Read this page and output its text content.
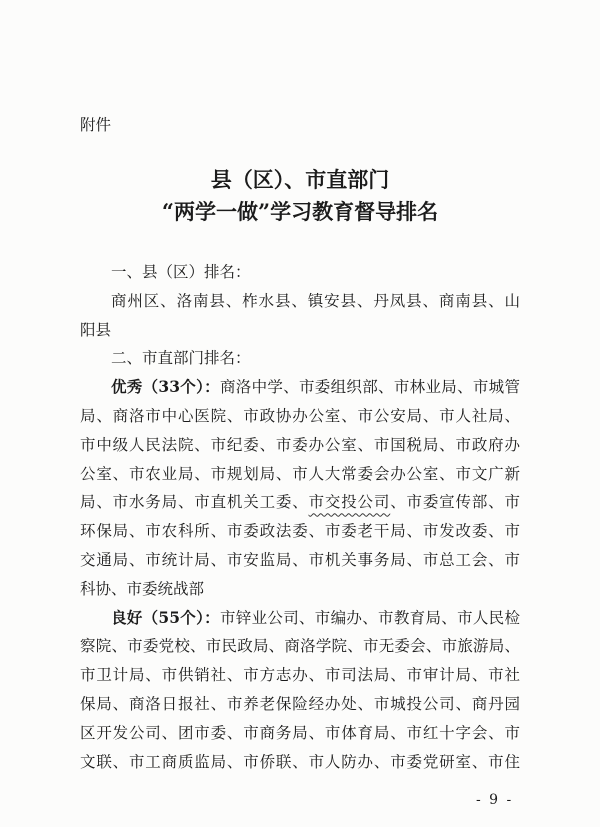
附件
县（区）、市直部门
“两学一做”学习教育督导排名
一、县（区）排名：
商州区、洛南县、柞水县、镇安县、丹凤县、商南县、山
阳县
二、市直部门排名：
优秀（33个）：商洛中学、市委组织部、市林业局、市城管
局、商洛市中心医院、市政协办公室、市公安局、市人社局、
市中级人民法院、市纪委、市委办公室、市国税局、市政府办
公室、市农业局、市规划局、市人大常委会办公室、市文广新
局、市水务局、市直机关工委、市交投公司、市委宣传部、市
环保局、市农科所、市委政法委、市委老干局、市发改委、市
交通局、市统计局、市安监局、市机关事务局、市总工会、市
科协、市委统战部
良好（55个）：市锌业公司、市编办、市教育局、市人民检
察院、市委党校、市民政局、商洛学院、市无委会、市旅游局、
市卫计局、市供销社、市方志办、市司法局、市审计局、市社
保局、商洛日报社、市养老保险经办处、市城投公司、商丹园
区开发公司、团市委、市商务局、市体育局、市红十字会、市
文联、市工商质监局、市侨联、市人防办、市委党研室、市住
- 9 -
